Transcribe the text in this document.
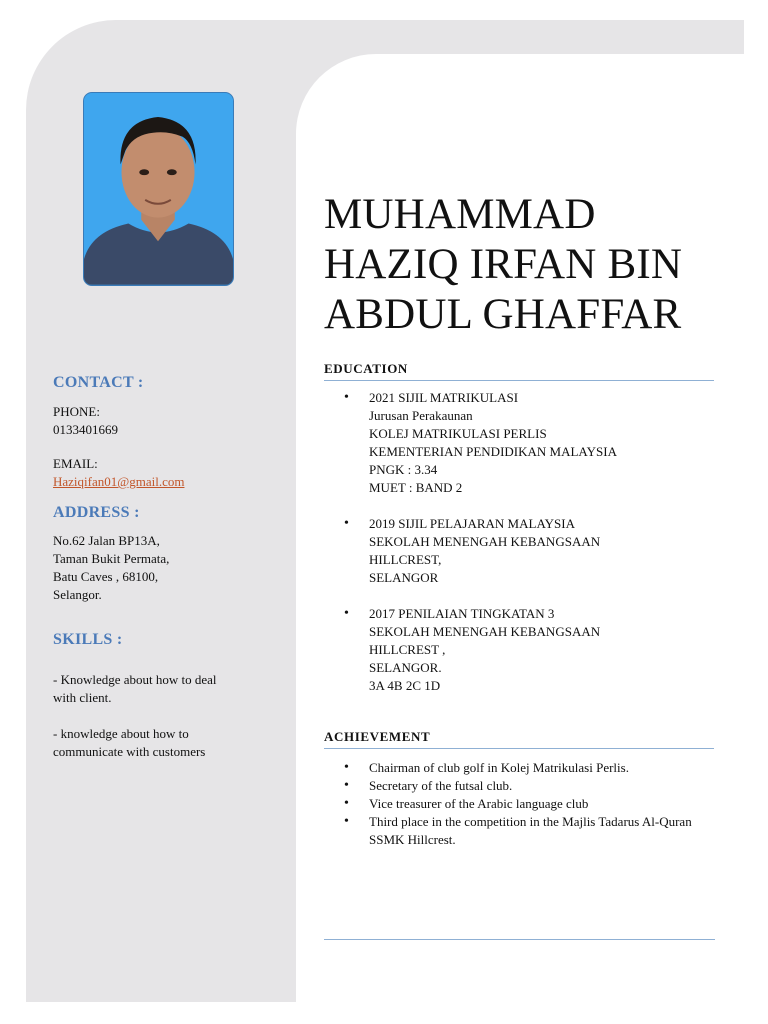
MUHAMMAD
HAZIQ IRFAN BIN
ABDUL GHAFFAR
CONTACT :
PHONE:
0133401669
EMAIL:
Haziqifan01@gmail.com
ADDRESS :
No.62 Jalan BP13A,
Taman Bukit Permata,
Batu Caves , 68100,
Selangor.
SKILLS :
- Knowledge about how to deal
with client.
- knowledge about how to
communicate with customers
EDUCATION
• 2021 SIJIL MATRIKULASI
Jurusan Perakaunan
KOLEJ MATRIKULASI PERLIS
KEMENTERIAN PENDIDIKAN MALAYSIA
PNGK : 3.34
MUET : BAND 2
• 2019 SIJIL PELAJARAN MALAYSIA
SEKOLAH MENENGAH KEBANGSAAN
HILLCREST,
SELANGOR
• 2017 PENILAIAN TINGKATAN 3
SEKOLAH MENENGAH KEBANGSAAN
HILLCREST ,
SELANGOR.
3A 4B 2C 1D
ACHIEVEMENT
• Chairman of club golf in Kolej Matrikulasi Perlis.
• Secretary of the futsal club.
• Vice treasurer of the Arabic language club
• Third place in the competition in the Majlis Tadarus Al-Quran SSMK Hillcrest.
